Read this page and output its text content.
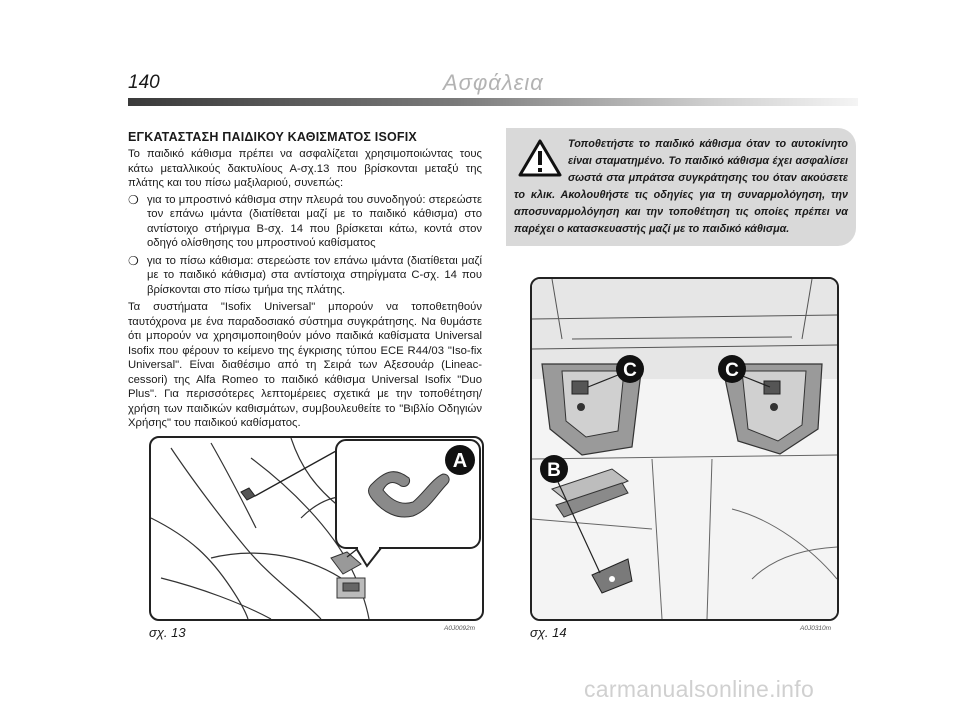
140	Ασφάλεια
ΕΓΚΑΤΑΣΤΑΣΗ ΠΑΙΔΙΚΟΥ ΚΑΘΙΣΜΑΤΟΣ ISOFIX

Το παιδικό κάθισμα πρέπει να ασφαλίζεται χρησιμοποιώντας τους κάτω μεταλλικούς δακτυλίους Α-σχ.13 που βρίσκονται μεταξύ της πλάτης και του πίσω μαξιλαριού, συνεπώς:

❍ για το μπροστινό κάθισμα στην πλευρά του συνοδηγού: στερεώστε τον επάνω ιμάντα (διατίθεται μαζί με το παιδικό κάθισμα) στο αντίστοιχο στήριγμα B-σχ. 14 που βρίσκεται κάτω, κοντά στον οδηγό ολίσθησης του μπροστινού καθίσματος
❍ για το πίσω κάθισμα: στερεώστε τον επάνω ιμάντα (διατίθεται μαζί με το παιδικό κάθισμα) στα αντίστοιχα στηρίγματα C-σχ. 14 που βρίσκονται στο πίσω τμήμα της πλάτης.

Τα συστήματα "Isofix Universal" μπορούν να τοποθετηθούν ταυτόχρονα με ένα παραδοσιακό σύστημα συγκράτησης. Να θυμάστε ότι μπορούν να χρησιμοποιηθούν μόνο παιδικά καθίσματα Universal Isofix που φέρουν το κείμενο της έγκρισης τύπου ECE R44/03 "Iso-fix Universal". Είναι διαθέσιμο από τη Σειρά των Αξεσουάρ (Lineac-cessori) της Alfa Romeo το παιδικό κάθισμα Universal Isofix "Duo Plus". Για περισσότερες λεπτομέρειες σχετικά με την τοποθέτηση/χρήση των παιδικών καθισμάτων, συμβουλευθείτε το "Βιβλίο Οδηγιών Χρήσης" του παιδικού καθίσματος.

Τοποθετήστε το παιδικό κάθισμα όταν το αυτοκίνητο είναι σταματημένο. Το παιδικό κάθισμα έχει ασφαλίσει σωστά στα μπράτσα συγκράτησης του όταν ακούσετε το κλικ. Ακολουθήστε τις οδηγίες για τη συναρμολόγηση, την αποσυναρμολόγηση και την τοποθέτηση τις οποίες πρέπει να παρέχει ο κατασκευαστής μαζί με το παιδικό κάθισμα.
A
C	C
B
σχ. 13	A0J0092m	σχ. 14	A0J0310m
carmanualsonline.info
